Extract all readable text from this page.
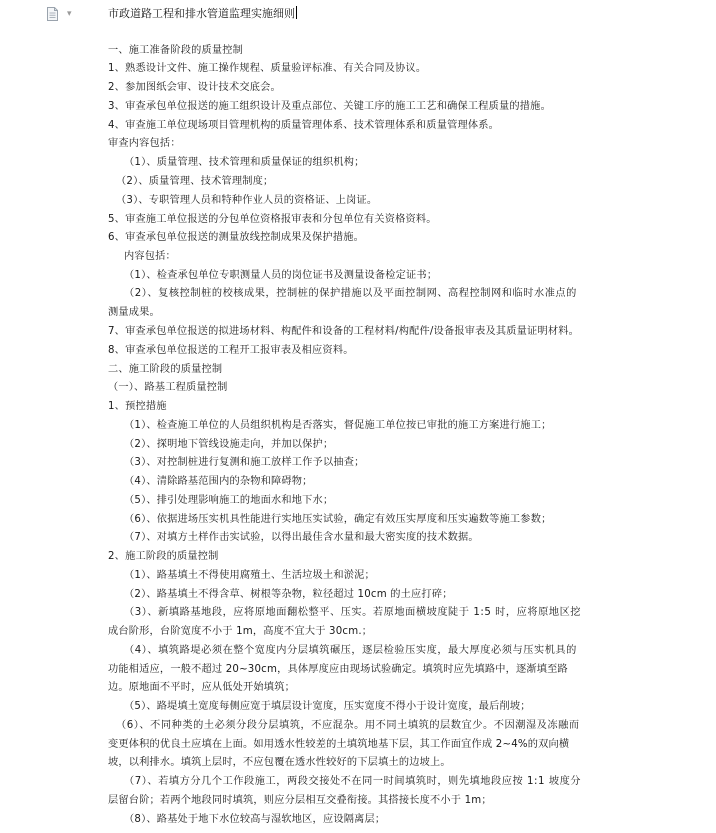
▾	市政道路工程和排水管道监理实施细则
一、施工准备阶段的质量控制
1、熟悉设计文件、施工操作规程、质量验评标准、有关合同及协议。
2、参加图纸会审、设计技术交底会。
3、审查承包单位报送的施工组织设计及重点部位、关键工序的施工工艺和确保工程质量的措施。
4、审查施工单位现场项目管理机构的质量管理体系、技术管理体系和质量管理体系。
审查内容包括：
（1）、质量管理、技术管理和质量保证的组织机构；
（2）、质量管理、技术管理制度；
（3）、专职管理人员和特种作业人员的资格证、上岗证。
5、审查施工单位报送的分包单位资格报审表和分包单位有关资格资料。
6、审查承包单位报送的测量放线控制成果及保护措施。
内容包括：
（1）、检查承包单位专职测量人员的岗位证书及测量设备检定证书；
（2）、复核控制桩的校核成果，控制桩的保护措施以及平面控制网、高程控制网和临时水准点的
测量成果。
7、审查承包单位报送的拟进场材料、构配件和设备的工程材料/构配件/设备报审表及其质量证明材料。
8、审查承包单位报送的工程开工报审表及相应资料。
二、施工阶段的质量控制
（一）、路基工程质量控制
1、预控措施
（1）、检查施工单位的人员组织机构是否落实，督促施工单位按已审批的施工方案进行施工；
（2）、探明地下管线设施走向，并加以保护；
（3）、对控制桩进行复测和施工放样工作予以抽查；
（4）、清除路基范围内的杂物和障碍物；
（5）、排引处理影响施工的地面水和地下水；
（6）、依据进场压实机具性能进行实地压实试验，确定有效压实厚度和压实遍数等施工参数；
（7）、对填方土样作击实试验，以得出最佳含水量和最大密实度的技术数据。
2、施工阶段的质量控制
（1）、路基填土不得使用腐殖土、生活垃圾土和淤泥；
（2）、路基填土不得含草、树根等杂物，粒径超过 10cm 的土应打碎；
（3）、新填路基地段，应将原地面翻松整平、压实。若原地面横坡度陡于 1:5 时，应将原地区挖
成台阶形，台阶宽度不小于 1m，高度不宜大于 30cm.；
（4）、填筑路堤必须在整个宽度内分层填筑碾压，逐层检验压实度，最大厚度必须与压实机具的
功能相适应，一般不超过 20~30cm，具体厚度应由现场试验确定。填筑时应先填路中，逐渐填至路
边。原地面不平时，应从低处开始填筑；
（5）、路堤填土宽度每侧应宽于填层设计宽度，压实宽度不得小于设计宽度，最后削坡；
（6）、不同种类的土必须分段分层填筑，不应混杂。用不同土填筑的层数宜少。不因潮湿及冻融而
变更体积的优良土应填在上面。如用透水性较差的土填筑地基下层，其工作面宜作成 2~4%的双向横
坡，以利排水。填筑上层时，不应包覆在透水性较好的下层填土的边坡上。
（7）、若填方分几个工作段施工，两段交接处不在同一时间填筑时，则先填地段应按 1:1 坡度分
层留台阶；若两个地段同时填筑，则应分层相互交叠衔接。其搭接长度不小于 1m；
（8）、路基处于地下水位较高与湿软地区，应设隔离层；
